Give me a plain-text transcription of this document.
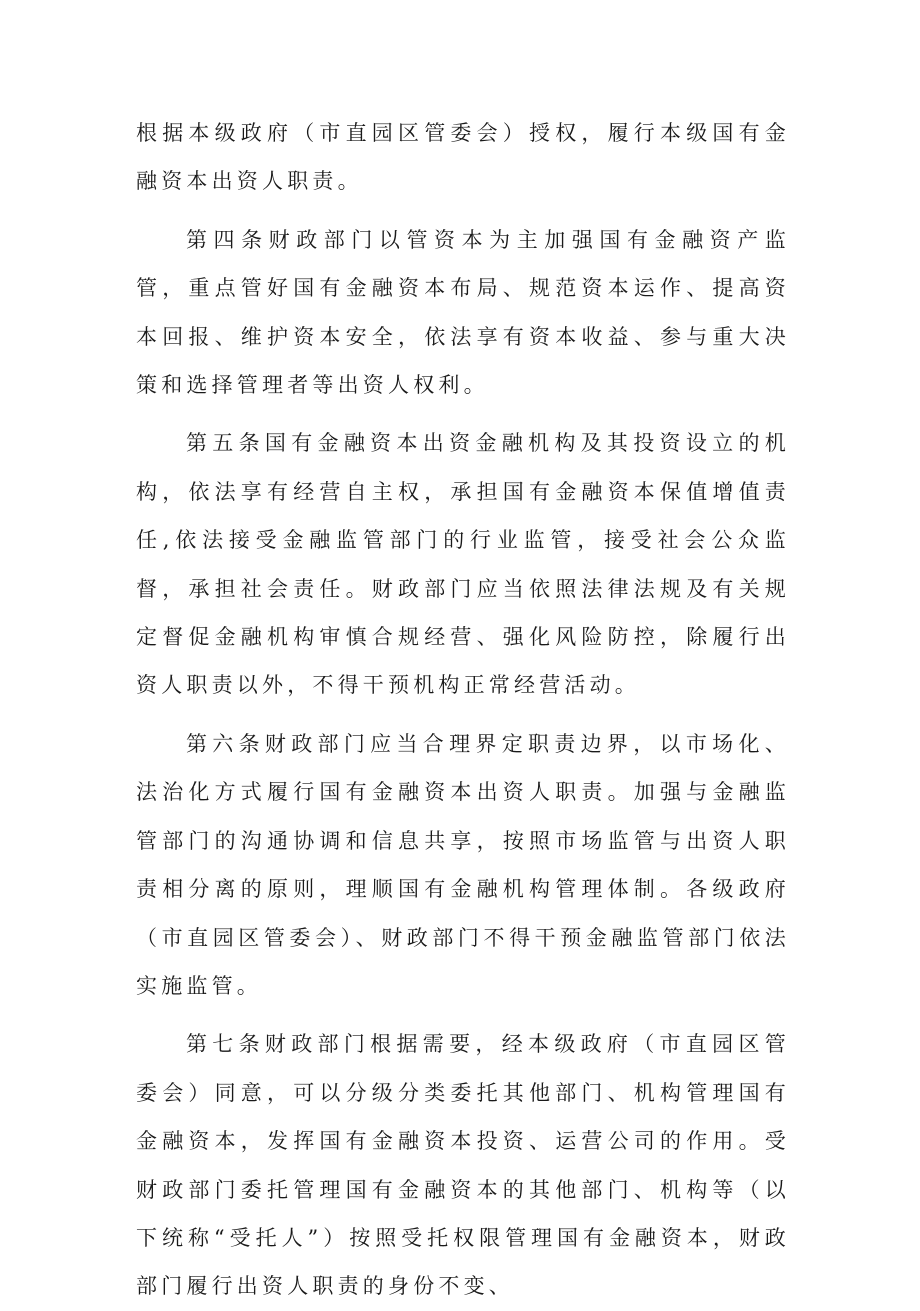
根据本级政府（市直园区管委会）授权，履行本级国有金融资本出资人职责。

第四条财政部门以管资本为主加强国有金融资产监管，重点管好国有金融资本布局、规范资本运作、提高资本回报、维护资本安全，依法享有资本收益、参与重大决策和选择管理者等出资人权利。

第五条国有金融资本出资金融机构及其投资设立的机构，依法享有经营自主权，承担国有金融资本保值增值责任,依法接受金融监管部门的行业监管，接受社会公众监督，承担社会责任。财政部门应当依照法律法规及有关规定督促金融机构审慎合规经营、强化风险防控，除履行出资人职责以外，不得干预机构正常经营活动。

第六条财政部门应当合理界定职责边界，以市场化、法治化方式履行国有金融资本出资人职责。加强与金融监管部门的沟通协调和信息共享，按照市场监管与出资人职责相分离的原则，理顺国有金融机构管理体制。各级政府（市直园区管委会）、财政部门不得干预金融监管部门依法实施监管。

第七条财政部门根据需要，经本级政府（市直园区管委会）同意，可以分级分类委托其他部门、机构管理国有金融资本，发挥国有金融资本投资、运营公司的作用。受财政部门委托管理国有金融资本的其他部门、机构等（以下统称“受托人”）按照受托权限管理国有金融资本，财政部门履行出资人职责的身份不变、
